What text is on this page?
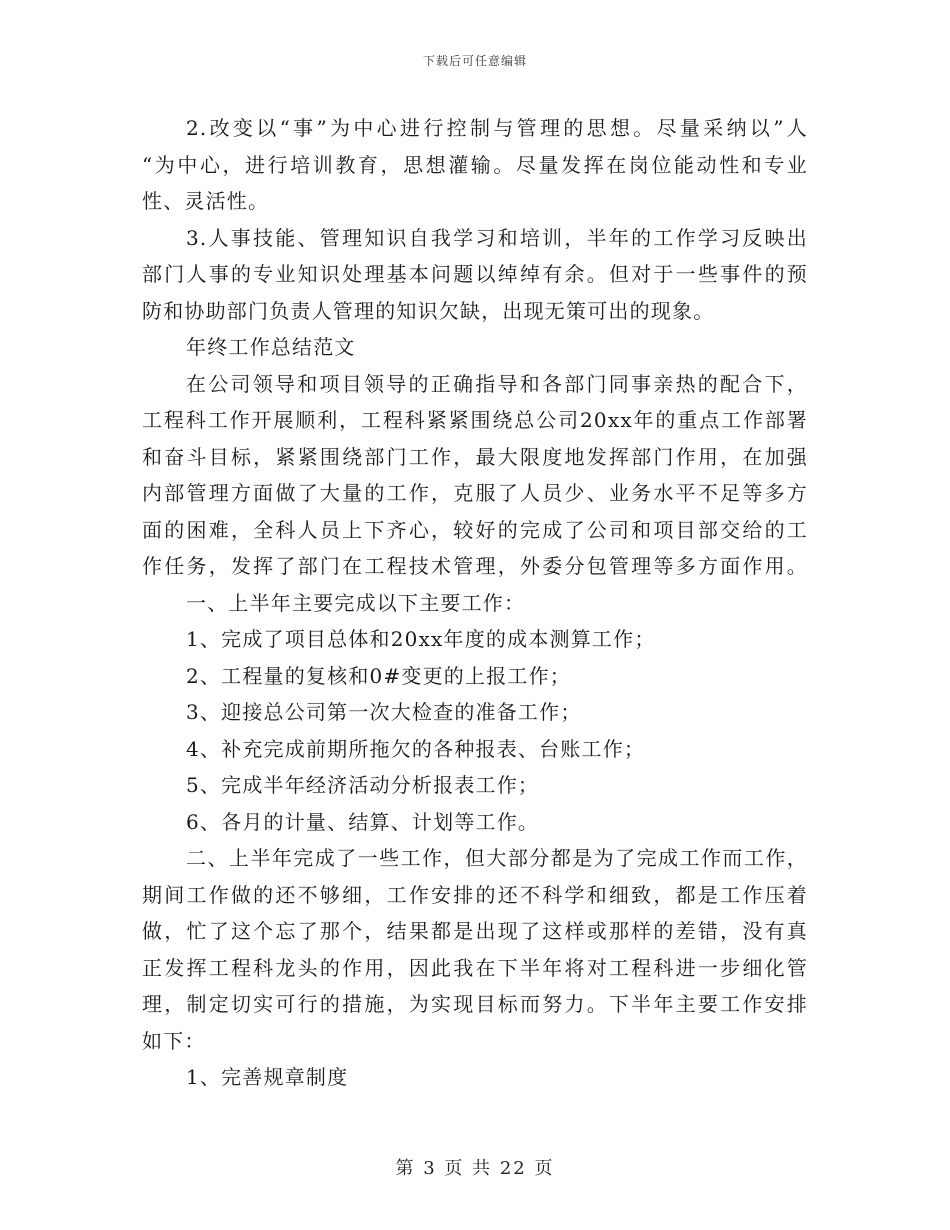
下载后可任意编辑
2.改变以“事”为中心进行控制与管理的思想。尽量采纳以”人
“为中心，进行培训教育，思想灌输。尽量发挥在岗位能动性和专业
性、灵活性。
3.人事技能、管理知识自我学习和培训，半年的工作学习反映出
部门人事的专业知识处理基本问题以绰绰有余。但对于一些事件的预
防和协助部门负责人管理的知识欠缺，出现无策可出的现象。
年终工作总结范文
在公司领导和项目领导的正确指导和各部门同事亲热的配合下，
工程科工作开展顺利，工程科紧紧围绕总公司20xx年的重点工作部署
和奋斗目标，紧紧围绕部门工作，最大限度地发挥部门作用，在加强
内部管理方面做了大量的工作，克服了人员少、业务水平不足等多方
面的困难，全科人员上下齐心，较好的完成了公司和项目部交给的工
作任务，发挥了部门在工程技术管理，外委分包管理等多方面作用。
一、上半年主要完成以下主要工作：
1、完成了项目总体和20xx年度的成本测算工作；
2、工程量的复核和0#变更的上报工作；
3、迎接总公司第一次大检查的准备工作；
4、补充完成前期所拖欠的各种报表、台账工作；
5、完成半年经济活动分析报表工作；
6、各月的计量、结算、计划等工作。
二、上半年完成了一些工作，但大部分都是为了完成工作而工作，
期间工作做的还不够细，工作安排的还不科学和细致，都是工作压着
做，忙了这个忘了那个，结果都是出现了这样或那样的差错，没有真
正发挥工程科龙头的作用，因此我在下半年将对工程科进一步细化管
理，制定切实可行的措施，为实现目标而努力。下半年主要工作安排
如下：
1、完善规章制度
第 3 页 共 22 页
